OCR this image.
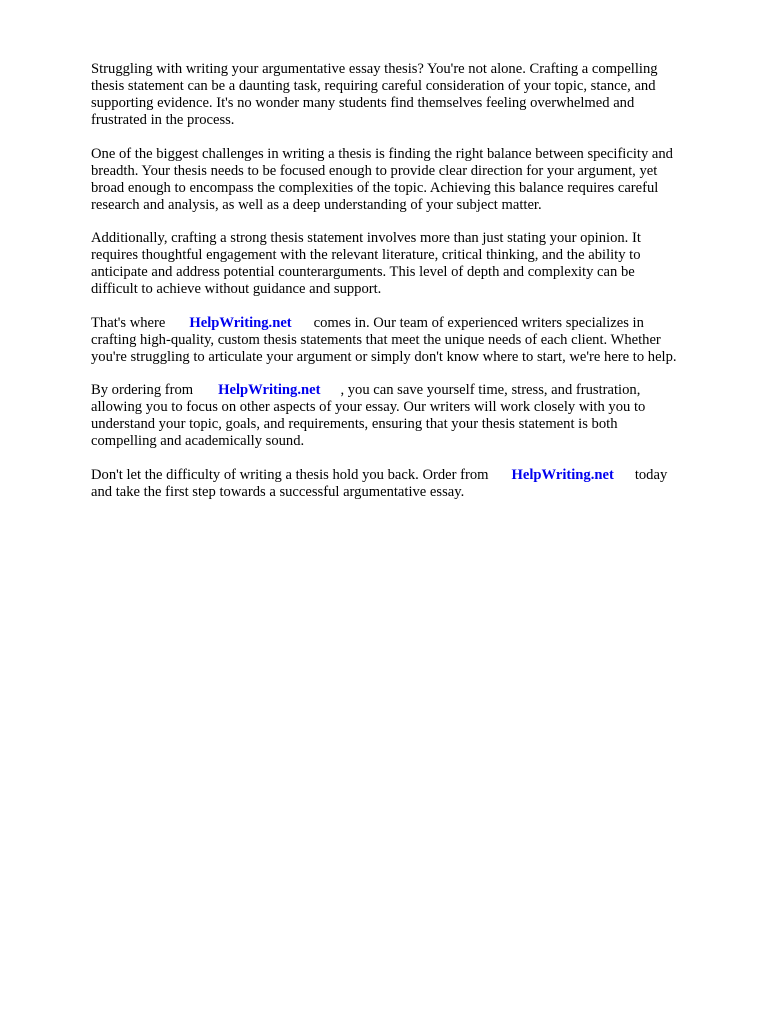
Struggling with writing your argumentative essay thesis? You're not alone. Crafting a compelling
thesis statement can be a daunting task, requiring careful consideration of your topic, stance, and
supporting evidence. It's no wonder many students find themselves feeling overwhelmed and
frustrated in the process.

One of the biggest challenges in writing a thesis is finding the right balance between specificity and
breadth. Your thesis needs to be focused enough to provide clear direction for your argument, yet
broad enough to encompass the complexities of the topic. Achieving this balance requires careful
research and analysis, as well as a deep understanding of your subject matter.

Additionally, crafting a strong thesis statement involves more than just stating your opinion. It
requires thoughtful engagement with the relevant literature, critical thinking, and the ability to
anticipate and address potential counterarguments. This level of depth and complexity can be
difficult to achieve without guidance and support.

That's where HelpWriting.net comes in. Our team of experienced writers specializes in
crafting high-quality, custom thesis statements that meet the unique needs of each client. Whether
you're struggling to articulate your argument or simply don't know where to start, we're here to help.

By ordering from HelpWriting.net , you can save yourself time, stress, and frustration,
allowing you to focus on other aspects of your essay. Our writers will work closely with you to
understand your topic, goals, and requirements, ensuring that your thesis statement is both
compelling and academically sound.

Don't let the difficulty of writing a thesis hold you back. Order from HelpWriting.net today
and take the first step towards a successful argumentative essay.
